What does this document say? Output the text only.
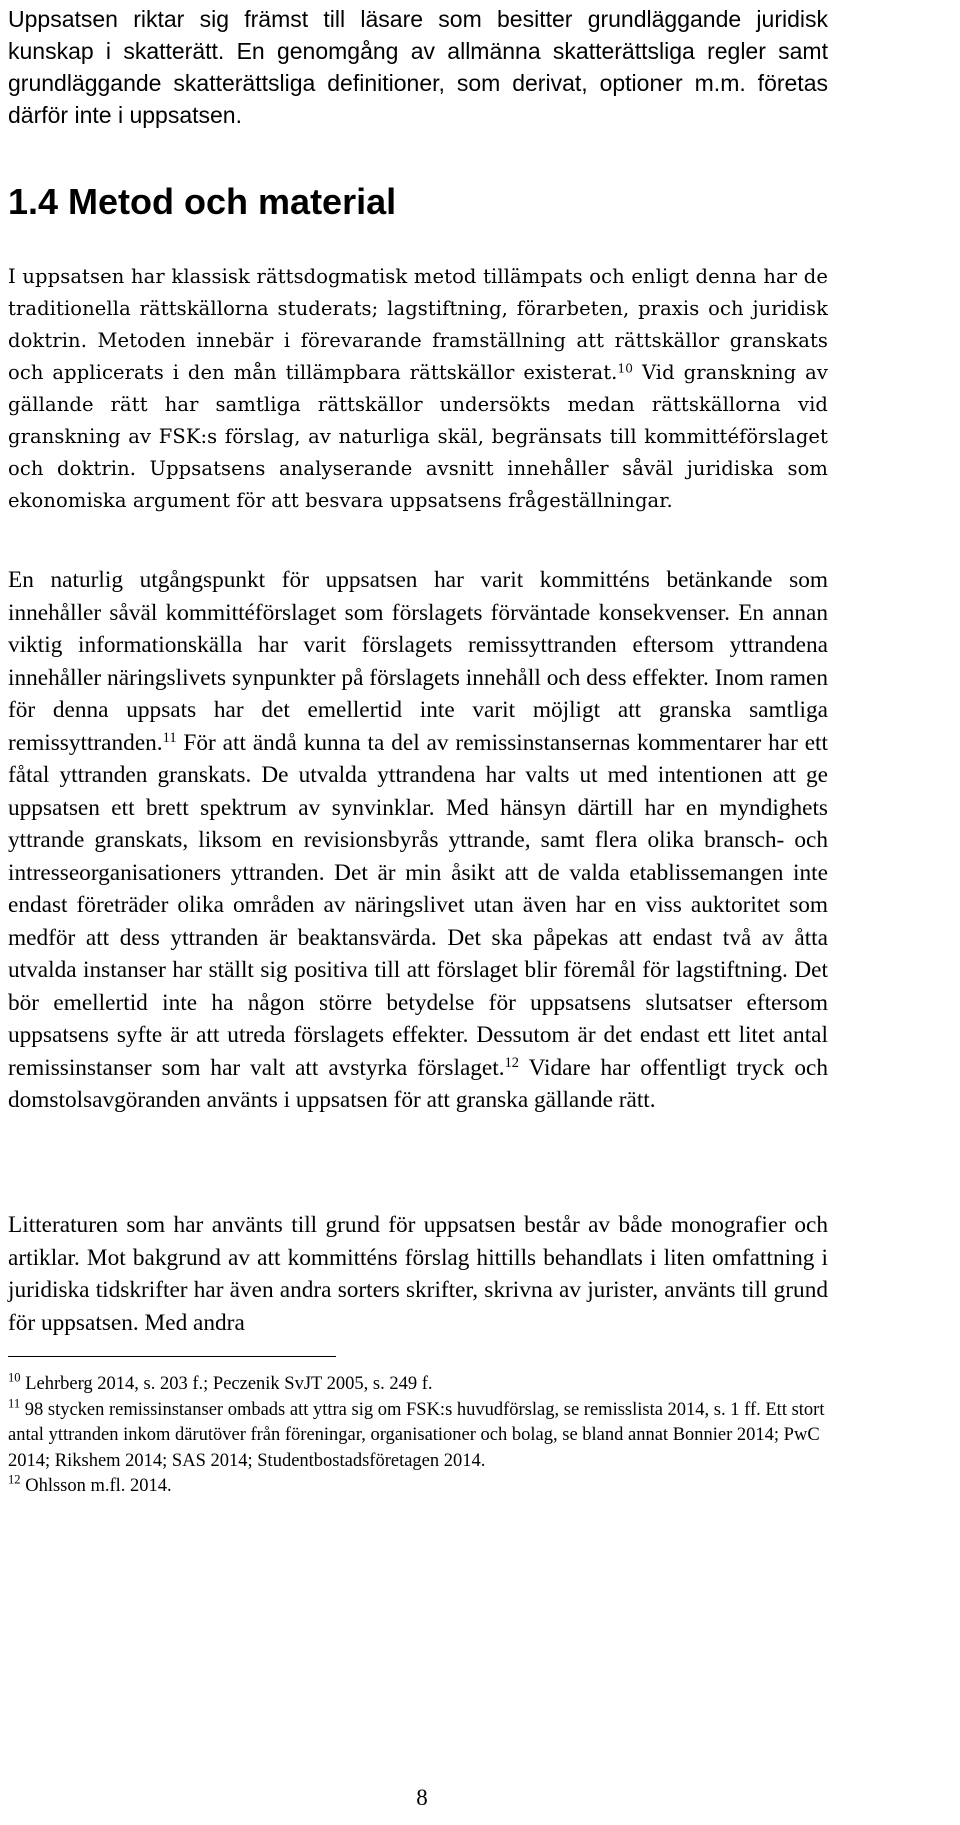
Uppsatsen riktar sig främst till läsare som besitter grundläggande juridisk kunskap i skatterätt. En genomgång av allmänna skatterättsliga regler samt grundläggande skatterättsliga definitioner, som derivat, optioner m.m. företas därför inte i uppsatsen.

1.4 Metod och material

I uppsatsen har klassisk rättsdogmatisk metod tillämpats och enligt denna har de traditionella rättskällorna studerats; lagstiftning, förarbeten, praxis och juridisk doktrin. Metoden innebär i förevarande framställning att rättskällor granskats och applicerats i den mån tillämpbara rättskällor existerat.$^{10}$ Vid granskning av gällande rätt har samtliga rättskällor undersökts medan rättskällorna vid granskning av FSK:s förslag, av naturliga skäl, begränsats till kommittéförslaget och doktrin. Uppsatsens analyserande avsnitt innehåller såväl juridiska som ekonomiska argument för att besvara uppsatsens frågeställningar.

En naturlig utgångspunkt för uppsatsen har varit kommitténs betänkande som innehåller såväl kommittéförslaget som förslagets förväntade konsekvenser. En annan viktig informationskälla har varit förslagets remissyttranden eftersom yttrandena innehåller näringslivets synpunkter på förslagets innehåll och dess effekter. Inom ramen för denna uppsats har det emellertid inte varit möjligt att granska samtliga remissyttranden.$^{11}$ För att ändå kunna ta del av remissinstansernas kommentarer har ett fåtal yttranden granskats. De utvalda yttrandena har valts ut med intentionen att ge uppsatsen ett brett spektrum av synvinklar. Med hänsyn därtill har en myndighets yttrande granskats, liksom en revisionsbyrås yttrande, samt flera olika bransch- och intresseorganisationers yttranden. Det är min åsikt att de valda etablissemangen inte endast företräder olika områden av näringslivet utan även har en viss auktoritet som medför att dess yttranden är beaktansvärda. Det ska påpekas att endast två av åtta utvalda instanser har ställt sig positiva till att förslaget blir föremål för lagstiftning. Det bör emellertid inte ha någon större betydelse för uppsatsens slutsatser eftersom uppsatsens syfte är att utreda förslagets effekter. Dessutom är det endast ett litet antal remissinstanser som har valt att avstyrka förslaget.$^{12}$ Vidare har offentligt tryck och domstolsavgöranden använts i uppsatsen för att granska gällande rätt.

Litteraturen som har använts till grund för uppsatsen består av både monografier och artiklar. Mot bakgrund av att kommitténs förslag hittills behandlats i liten omfattning i juridiska tidskrifter har även andra sorters skrifter, skrivna av jurister, använts till grund för uppsatsen. Med andra

$^{10}$ Lehrberg 2014, s. 203 f.; Peczenik SvJT 2005, s. 249 f.

$^{11}$ 98 stycken remissinstanser ombads att yttra sig om FSK:s huvudförslag, se remisslista 2014, s. 1 ff. Ett stort antal yttranden inkom därutöver från föreningar, organisationer och bolag, se bland annat Bonnier 2014; PwC 2014; Rikshem 2014; SAS 2014; Studentbostadsföretagen 2014.

$^{12}$ Ohlsson m.fl. 2014.

8
